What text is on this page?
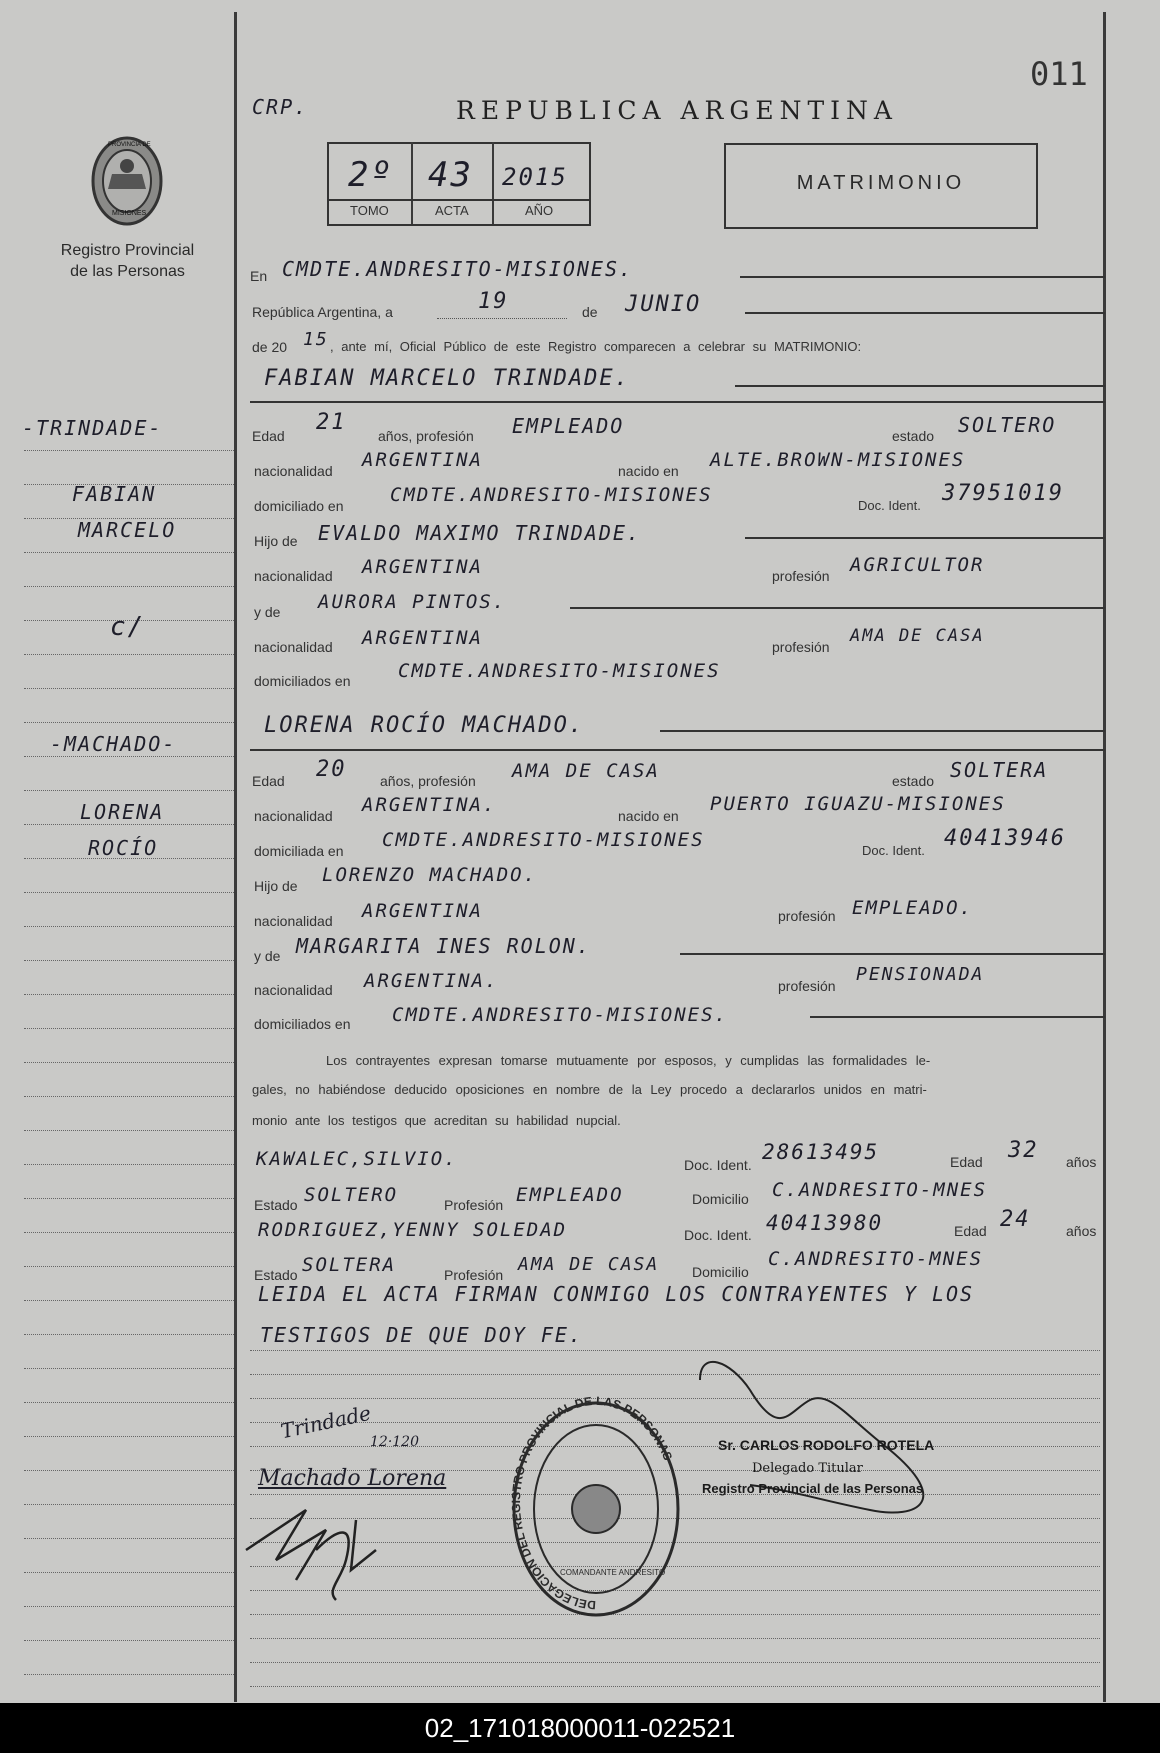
CRP.
011
REPUBLICA ARGENTINA
PROVINCIA DE
MISIONES
Registro Provincial
de las Personas
2º 43 2015
TOMO	ACTA	AÑO
MATRIMONIO
En CMDTE.ANDRESITO-MISIONES.
República Argentina, a	19	de JUNIO
de 20 15 , ante mí, Oficial Público de este Registro comparecen a celebrar su MATRIMONIO:
FABIAN MARCELO TRINDADE.
Edad
21
años, profesión EMPLEADO	estado SOLTERO
nacionalidad ARGENTINA	nacido en ALTE.BROWN-MISIONES
domiciliado en CMDTE.ANDRESITO-MISIONES	Doc. Ident. 37951019
Hijo de EVALDO MAXIMO TRINDADE.
nacionalidad ARGENTINA	profesión AGRICULTOR
y de AURORA PINTOS.
nacionalidad ARGENTINA	profesión
AMA DE CASA
domiciliados en	CMDTE.ANDRESITO-MISIONES
LORENA ROCÍO MACHADO.
Edad 20 años, profesión AMA DE CASA	estado SOLTERA
nacionalidad ARGENTINA.	nacido en
PUERTO IGUAZU-MISIONES
domiciliada en CMDTE.ANDRESITO-MISIONES	Doc. Ident. 40413946
Hijo de LORENZO MACHADO.
nacionalidad ARGENTINA	profesión EMPLEADO.
y de MARGARITA INES ROLON.
nacionalidad ARGENTINA.	profesión
PENSIONADA
domiciliados en CMDTE.ANDRESITO-MISIONES.
Los contrayentes expresan tomarse mutuamente por esposos, y cumplidas las formalidades le-
gales, no habiéndose deducido oposiciones en nombre de la Ley procedo a declararlos unidos en matri-
monio ante los testigos que acreditan su habilidad nupcial.
KAWALEC,SILVIO.	Doc. Ident.
28613495	Edad 32 años
Estado SOLTERO	Profesión EMPLEADO	Domicilio C.ANDRESITO-MNES
RODRIGUEZ,YENNY SOLEDAD	Doc. Ident. 40413980	Edad 24	años
Estado SOLTERA	Profesión AMA DE CASA Domicilio
C.ANDRESITO-MNES
LEIDA EL ACTA FIRMAN CONMIGO LOS CONTRAYENTES Y LOS
TESTIGOS DE QUE DOY FE.
-TRINDADE-
FABIAN
MARCELO
c/
-MACHADO-
LORENA
ROCÍO
Trindade
12·120
Machado Lorena
DELEGACION DEL REGISTRO PROVINCIAL DE LAS PERSONAS
COMANDANTE ANDRESITO
Sr. CARLOS RODOLFO ROTELA
Delegado Titular
Registro Provincial de las Personas
02_171018000011-022521
